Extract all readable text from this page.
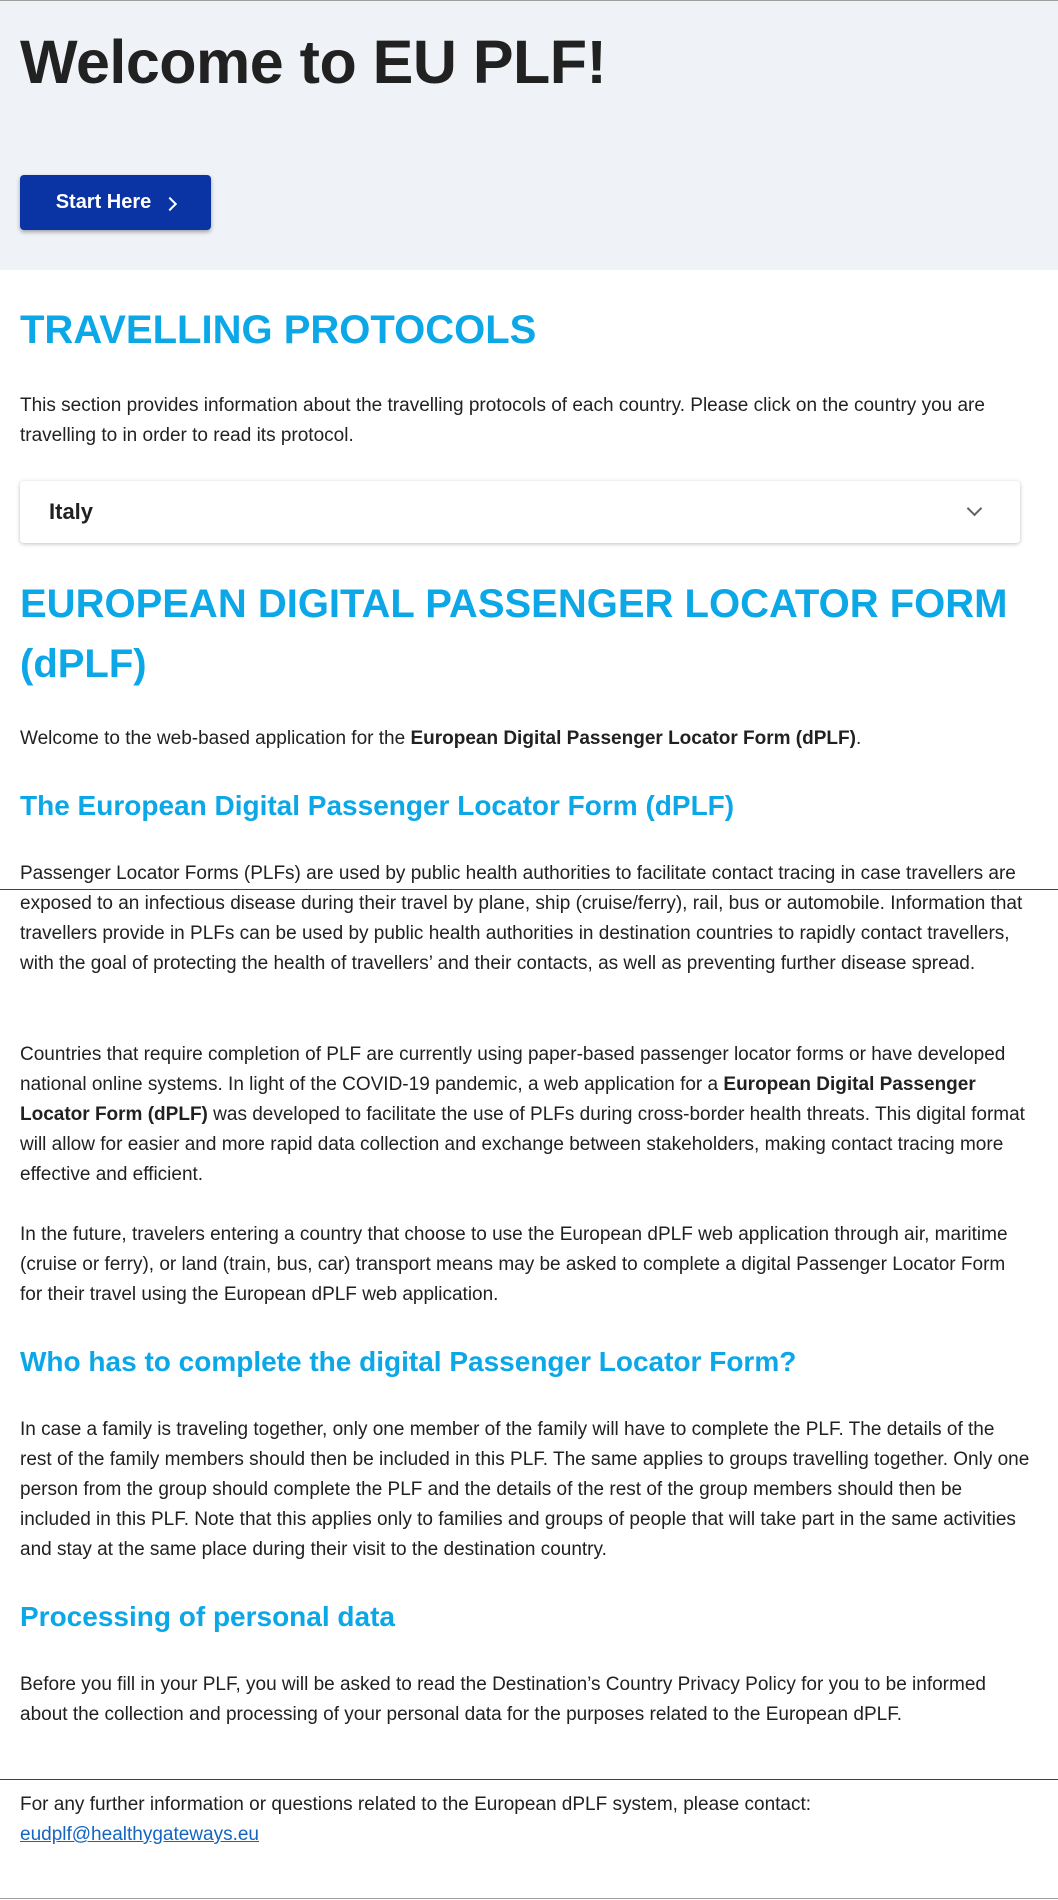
Welcome to EU PLF!
Start Here
TRAVELLING PROTOCOLS

This section provides information about the travelling protocols of each country. Please click on the country you are travelling to in order to read its protocol.

Italy
EUROPEAN DIGITAL PASSENGER LOCATOR FORM (dPLF)

Welcome to the web-based application for the European Digital Passenger Locator Form (dPLF).

The European Digital Passenger Locator Form (dPLF)

Passenger Locator Forms (PLFs) are used by public health authorities to facilitate contact tracing in case travellers are exposed to an infectious disease during their travel by plane, ship (cruise/ferry), rail, bus or automobile. Information that travellers provide in PLFs can be used by public health authorities in destination countries to rapidly contact travellers, with the goal of protecting the health of travellers’ and their contacts, as well as preventing further disease spread.

Countries that require completion of PLF are currently using paper-based passenger locator forms or have developed national online systems. In light of the COVID-19 pandemic, a web application for a European Digital Passenger Locator Form (dPLF) was developed to facilitate the use of PLFs during cross-border health threats. This digital format will allow for easier and more rapid data collection and exchange between stakeholders, making contact tracing more effective and efficient.

In the future, travelers entering a country that choose to use the European dPLF web application through air, maritime (cruise or ferry), or land (train, bus, car) transport means may be asked to complete a digital Passenger Locator Form for their travel using the European dPLF web application.

Who has to complete the digital Passenger Locator Form?

In case a family is traveling together, only one member of the family will have to complete the PLF. The details of the rest of the family members should then be included in this PLF. The same applies to groups travelling together. Only one person from the group should complete the PLF and the details of the rest of the group members should then be included in this PLF. Note that this applies only to families and groups of people that will take part in the same activities and stay at the same place during their visit to the destination country.

Processing of personal data

Before you fill in your PLF, you will be asked to read the Destination’s Country Privacy Policy for you to be informed about the collection and processing of your personal data for the purposes related to the European dPLF.

For any further information or questions related to the European dPLF system, please contact:
eudplf@healthygateways.eu
